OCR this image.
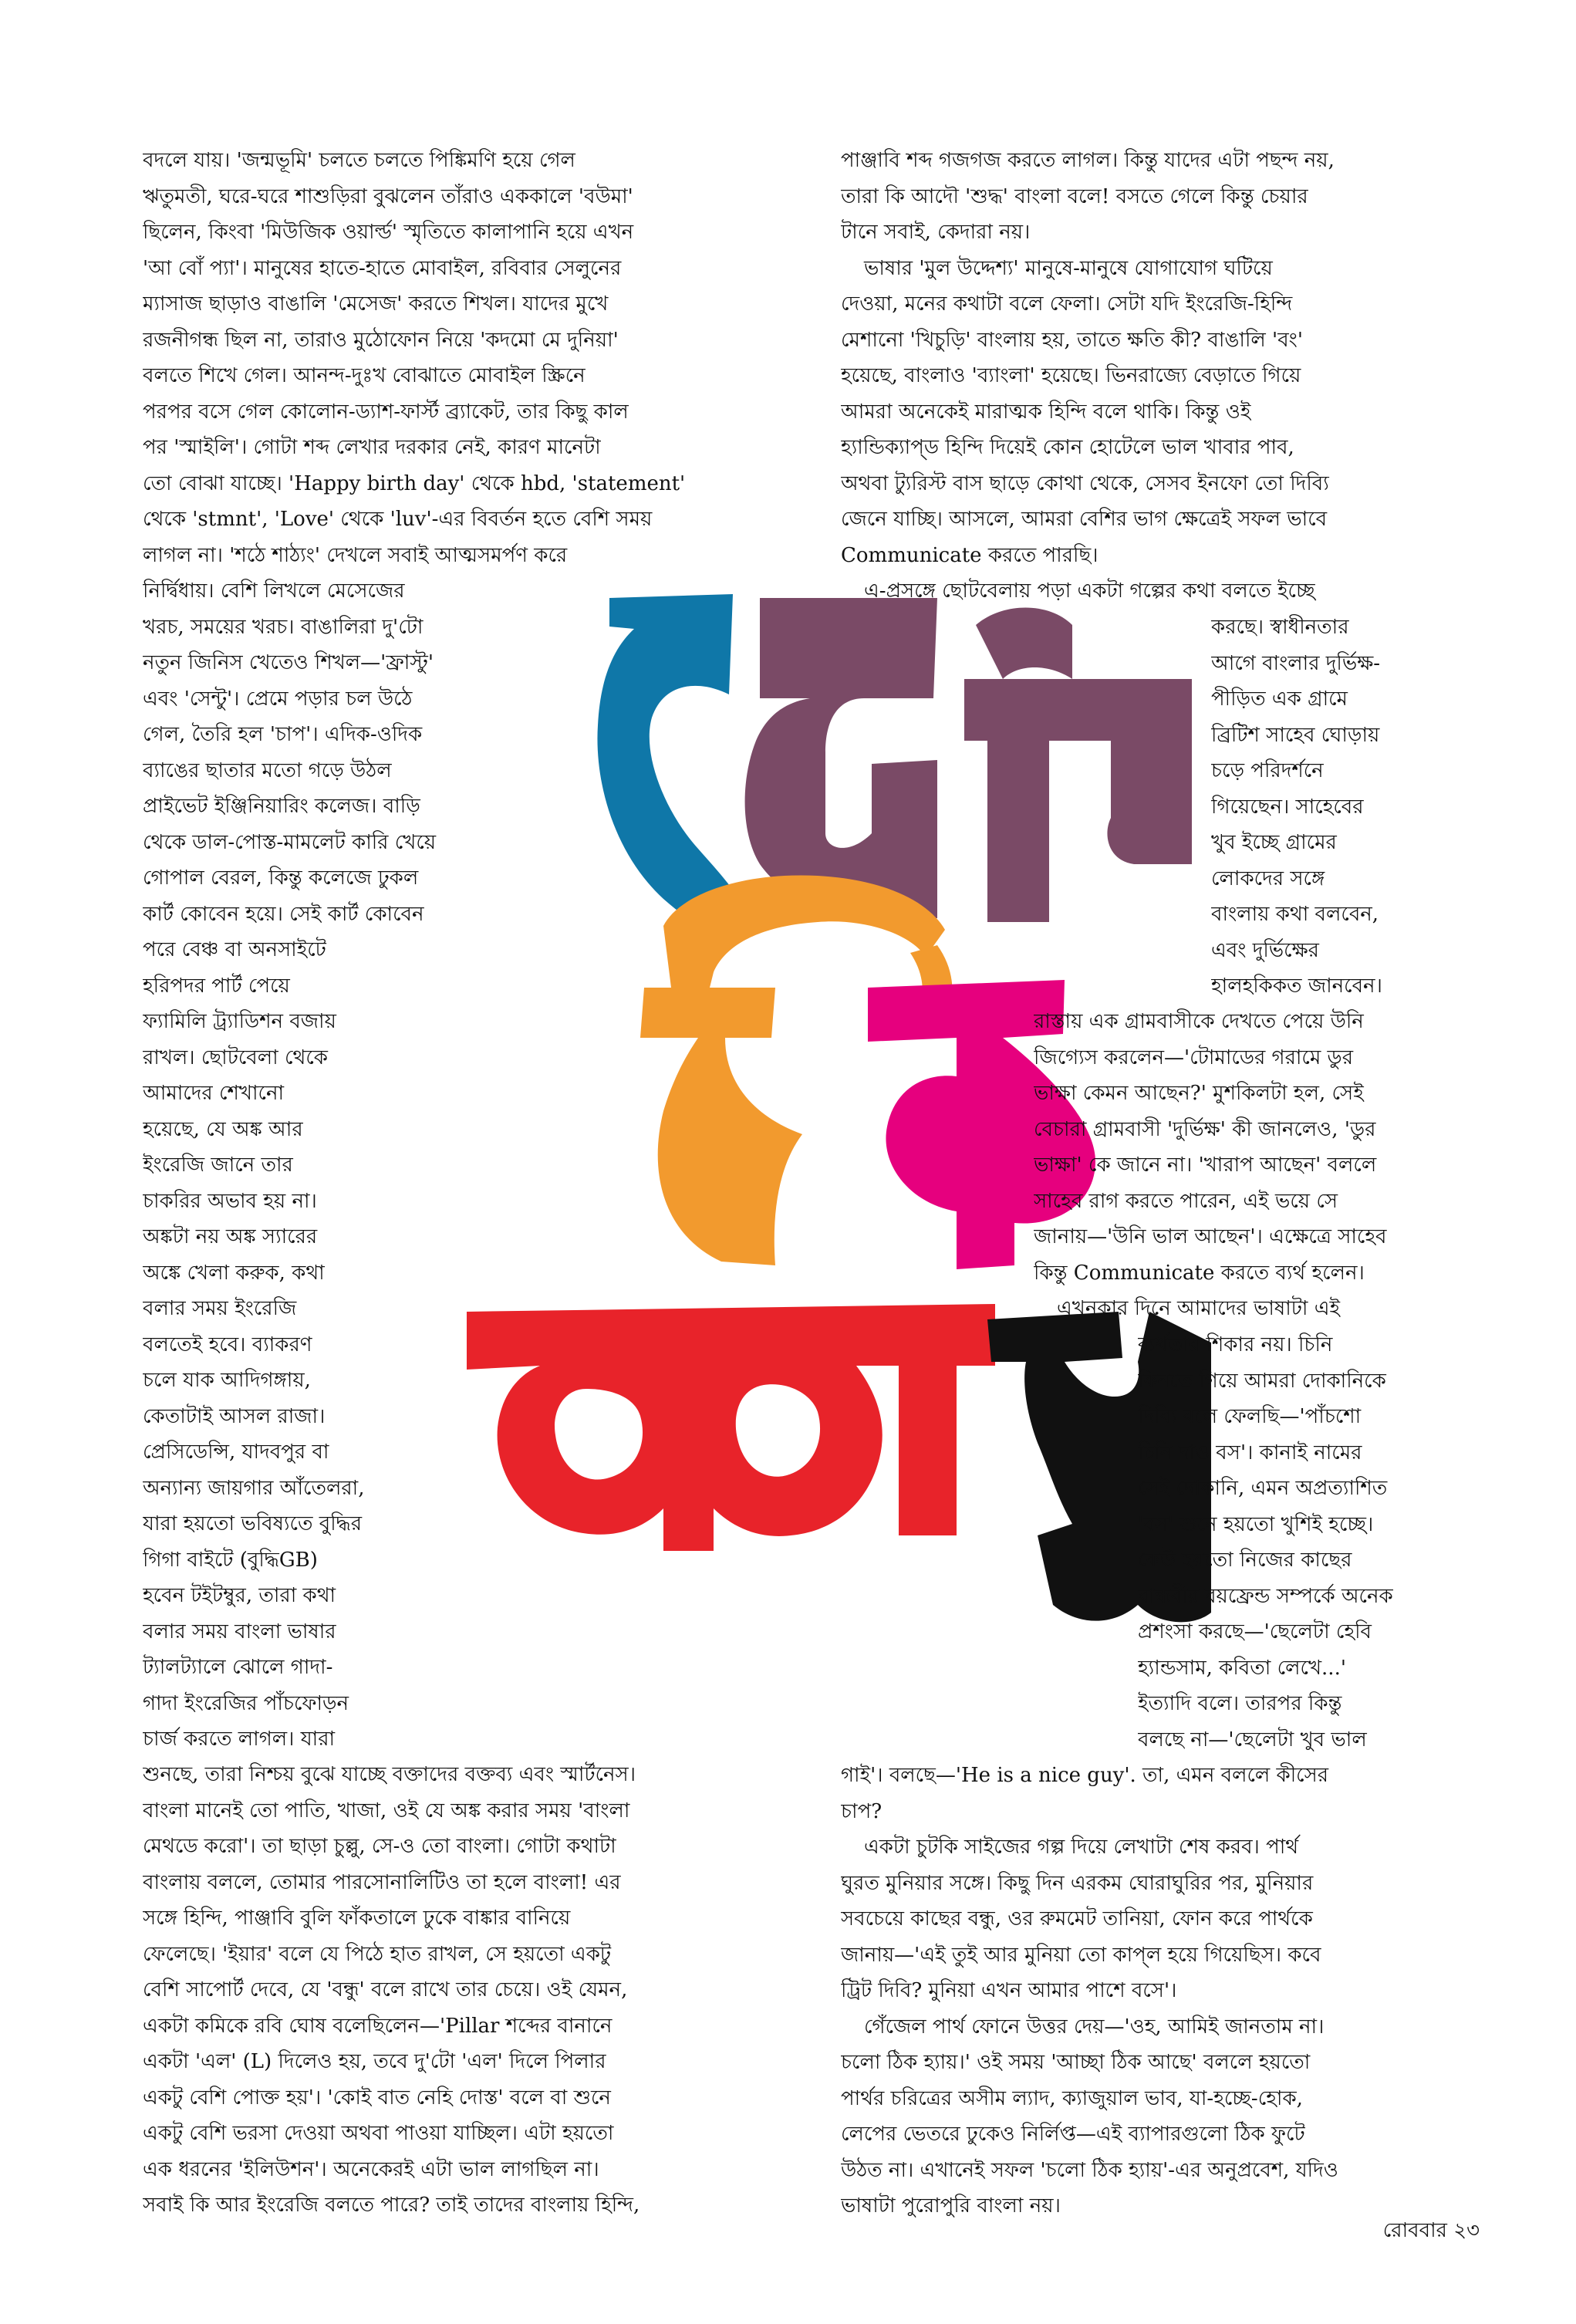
বদলে যায়। 'জন্মভূমি' চলতে চলতে পিঙ্কিমণি হয়ে গেল
ঋতুমতী, ঘরে-ঘরে শাশুড়িরা বুঝলেন তাঁরাও এককালে 'বউমা'
ছিলেন, কিংবা 'মিউজিক ওয়ার্ল্ড' স্মৃতিতে কালাপানি হয়ে এখন
'আ বোঁ প্যা'। মানুষের হাতে-হাতে মোবাইল, রবিবার সেলুনের
ম্যাসাজ ছাড়াও বাঙালি 'মেসেজ' করতে শিখল। যাদের মুখে
রজনীগন্ধ ছিল না, তারাও মুঠোফোন নিয়ে 'কদমো মে দুনিয়া'
বলতে শিখে গেল। আনন্দ-দুঃখ বোঝাতে মোবাইল স্ক্রিনে
পরপর বসে গেল কোলোন-ড্যাশ-ফার্স্ট ব্র্যাকেট, তার কিছু কাল
পর 'স্মাইলি'। গোটা শব্দ লেখার দরকার নেই, কারণ মানেটা
তো বোঝা যাচ্ছে। 'Happy birth day' থেকে hbd, 'statement'
থেকে 'stmnt', 'Love' থেকে 'luv'-এর বিবর্তন হতে বেশি সময়
লাগল না। 'শঠে শাঠ্যং' দেখলে সবাই আত্মসমর্পণ করে
নির্দ্বিধায়। বেশি লিখলে মেসেজের
খরচ, সময়ের খরচ। বাঙালিরা দু'টো
নতুন জিনিস খেতেও শিখল—'ফ্রাস্টু'
এবং 'সেন্টু'। প্রেমে পড়ার চল উঠে
গেল, তৈরি হল 'চাপ'। এদিক-ওদিক
ব্যাঙের ছাতার মতো গড়ে উঠল
প্রাইভেট ইঞ্জিনিয়ারিং কলেজ। বাড়ি
থেকে ডাল-পোস্ত-মামলেট কারি খেয়ে
গোপাল বেরল, কিন্তু কলেজে ঢুকল
কার্ট কোবেন হয়ে। সেই কার্ট কোবেন
পরে বেঞ্চ বা অনসাইটে
হরিপদর পার্ট পেয়ে
ফ্যামিলি ট্র্যাডিশন বজায়
রাখল। ছোটবেলা থেকে
আমাদের শেখানো
হয়েছে, যে অঙ্ক আর
ইংরেজি জানে তার
চাকরির অভাব হয় না।
অঙ্কটা নয় অঙ্ক স্যারের
অঙ্কে খেলা করুক, কথা
বলার সময় ইংরেজি
বলতেই হবে। ব্যাকরণ
চলে যাক আদিগঙ্গায়,
কেতাটাই আসল রাজা।
প্রেসিডেন্সি, যাদবপুর বা
অন্যান্য জায়গার আঁতেলরা,
যারা হয়তো ভবিষ্যতে বুদ্ধির
গিগা বাইটে (বুদ্ধিGB)
হবেন টইটম্বুর, তারা কথা
বলার সময় বাংলা ভাষার
ট্যালট্যালে ঝোলে গাদা-
গাদা ইংরেজির পাঁচফোড়ন
চার্জ করতে লাগল। যারা
শুনছে, তারা নিশ্চয় বুঝে যাচ্ছে বক্তাদের বক্তব্য এবং স্মার্টনেস।
বাংলা মানেই তো পাতি, খাজা, ওই যে অঙ্ক করার সময় 'বাংলা
মেথডে করো'। তা ছাড়া চুল্লু, সে-ও তো বাংলা। গোটা কথাটা
বাংলায় বললে, তোমার পারসোনালিটিও তা হলে বাংলা! এর
সঙ্গে হিন্দি, পাঞ্জাবি বুলি ফাঁকতালে ঢুকে বাঙ্কার বানিয়ে
ফেলেছে। 'ইয়ার' বলে যে পিঠে হাত রাখল, সে হয়তো একটু
বেশি সাপোর্ট দেবে, যে 'বন্ধু' বলে রাখে তার চেয়ে। ওই যেমন,
একটা কমিকে রবি ঘোষ বলেছিলেন—'Pillar শব্দের বানানে
একটা 'এল' (L) দিলেও হয়, তবে দু'টো 'এল' দিলে পিলার
একটু বেশি পোক্ত হয়'। 'কোই বাত নেহি দোস্ত' বলে বা শুনে
একটু বেশি ভরসা দেওয়া অথবা পাওয়া যাচ্ছিল। এটা হয়তো
এক ধরনের 'ইলিউশন'। অনেকেরই এটা ভাল লাগছিল না।
সবাই কি আর ইংরেজি বলতে পারে? তাই তাদের বাংলায় হিন্দি,
পাঞ্জাবি শব্দ গজগজ করতে লাগল। কিন্তু যাদের এটা পছন্দ নয়,
তারা কি আদৌ 'শুদ্ধ' বাংলা বলে! বসতে গেলে কিন্তু চেয়ার
টানে সবাই, কেদারা নয়।
ভাষার 'মুল উদ্দেশ্য' মানুষে-মানুষে যোগাযোগ ঘটিয়ে
দেওয়া, মনের কথাটা বলে ফেলা। সেটা যদি ইংরেজি-হিন্দি
মেশানো 'খিচুড়ি' বাংলায় হয়, তাতে ক্ষতি কী? বাঙালি 'বং'
হয়েছে, বাংলাও 'ব্যাংলা' হয়েছে। ভিনরাজ্যে বেড়াতে গিয়ে
আমরা অনেকেই মারাত্মক হিন্দি বলে থাকি। কিন্তু ওই
হ্যান্ডিক্যাপ্‌ড হিন্দি দিয়েই কোন হোটেলে ভাল খাবার পাব,
অথবা ট্যুরিস্ট বাস ছাড়ে কোথা থেকে, সেসব ইনফো তো দিব্যি
জেনে যাচ্ছি। আসলে, আমরা বেশির ভাগ ক্ষেত্রেই সফল ভাবে
Communicate করতে পারছি।
এ-প্রসঙ্গে ছোটবেলায় পড়া একটা গল্পের কথা বলতে ইচ্ছে
করছে। স্বাধীনতার
আগে বাংলার দুর্ভিক্ষ-
পীড়িত এক গ্রামে
ব্রিটিশ সাহেব ঘোড়ায়
চড়ে পরিদর্শনে
গিয়েছেন। সাহেবের
খুব ইচ্ছে গ্রামের
লোকদের সঙ্গে
বাংলায় কথা বলবেন,
এবং দুর্ভিক্ষের
হালহকিকত জানবেন।
রাস্তায় এক গ্রামবাসীকে দেখতে পেয়ে উনি
জিগ্যেস করলেন—'টোমাডের গরামে ডুর
ভাক্ষা কেমন আছেন?' মুশকিলটা হল, সেই
বেচারা গ্রামবাসী 'দুর্ভিক্ষ' কী জানলেও, 'ডুর
ভাক্ষা' কে জানে না। 'খারাপ আছেন' বললে
সাহেব রাগ করতে পারেন, এই ভয়ে সে
জানায়—'উনি ভাল আছেন'। এক্ষেত্রে সাহেব
কিন্তু Communicate করতে ব্যর্থ হলেন।
এখনকার দিনে আমাদের ভাষাটা এই
ব্যর্থতার শিকার নয়। চিনি
কিনতে গিয়ে আমরা দোকানিকে
দিব্যি বলে ফেলছি—'পাঁচশো
চিনি দাও বস'। কানাই নামের
সেই দোকানি, এমন অপ্রত্যাশিত
'বস' শুনে হয়তো খুশিই হচ্ছে।
কেউ হয়তো নিজের কাছের
বান্ধবীর বয়ফ্রেন্ড সম্পর্কে অনেক
প্রশংসা করছে—'ছেলেটা হেবি
হ্যান্ডসাম, কবিতা লেখে...'
ইত্যাদি বলে। তারপর কিন্তু
বলছে না—'ছেলেটা খুব ভাল
গাই'। বলছে—'He is a nice guy'. তা, এমন বললে কীসের
চাপ?
একটা চুটকি সাইজের গল্প দিয়ে লেখাটা শেষ করব। পার্থ
ঘুরত মুনিয়ার সঙ্গে। কিছু দিন এরকম ঘোরাঘুরির পর, মুনিয়ার
সবচেয়ে কাছের বন্ধু, ওর রুমমেট তানিয়া, ফোন করে পার্থকে
জানায়—'এই তুই আর মুনিয়া তো কাপ্‌ল হয়ে গিয়েছিস। কবে
ট্রিট দিবি? মুনিয়া এখন আমার পাশে বসে'।
গেঁজেল পার্থ ফোনে উত্তর দেয়—'ওহ, আমিই জানতাম না।
চলো ঠিক হ্যায়।' ওই সময় 'আচ্ছা ঠিক আছে' বললে হয়তো
পার্থর চরিত্রের অসীম ল্যাদ, ক্যাজুয়াল ভাব, যা-হচ্ছে-হোক,
লেপের ভেতরে ঢুকেও নির্লিপ্ত—এই ব্যাপারগুলো ঠিক ফুটে
উঠত না। এখানেই সফল 'চলো ঠিক হ্যায়'-এর অনুপ্রবেশ, যদিও
ভাষাটা পুরোপুরি বাংলা নয়।
রোববার ২৩
